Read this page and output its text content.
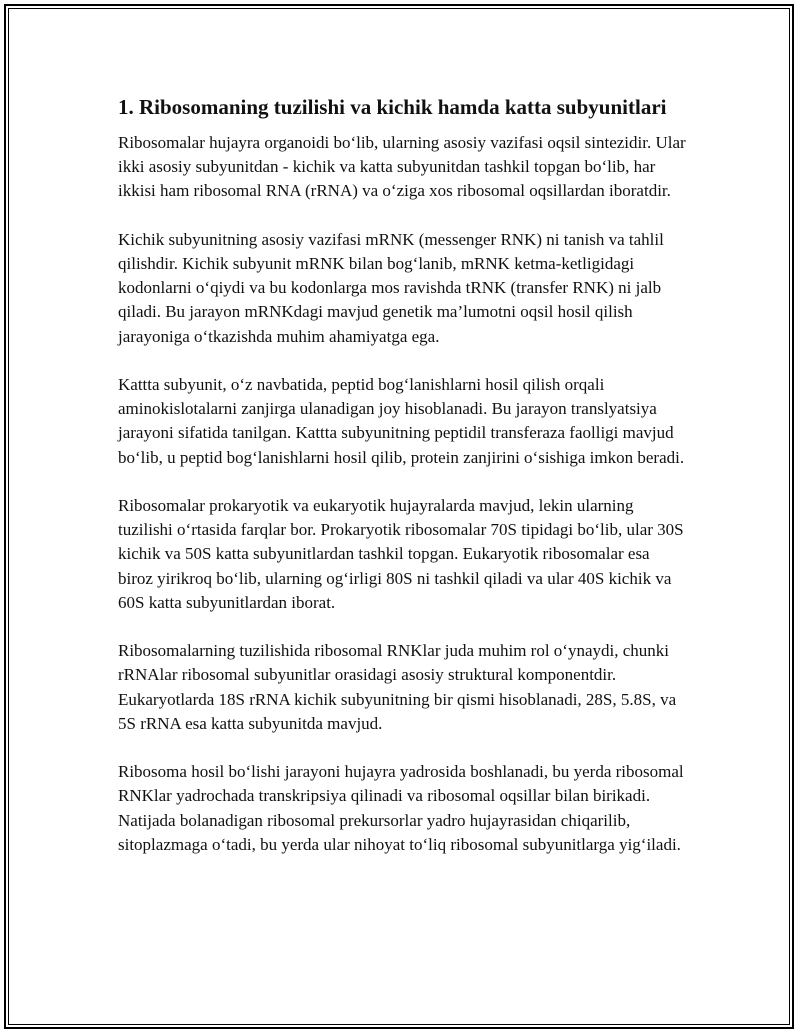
1. Ribosomaning tuzilishi va kichik hamda katta subyunitlari

Ribosomalar hujayra organoidi bo‘lib, ularning asosiy vazifasi oqsil sintezidir. Ular ikki asosiy subyunitdan - kichik va katta subyunitdan tashkil topgan bo‘lib, har ikkisi ham ribosomal RNA (rRNA) va o‘ziga xos ribosomal oqsillardan iboratdir.

Kichik subyunitning asosiy vazifasi mRNK (messenger RNK) ni tanish va tahlil qilishdir. Kichik subyunit mRNK bilan bog‘lanib, mRNK ketma-ketligidagi kodonlarni o‘qiydi va bu kodonlarga mos ravishda tRNK (transfer RNK) ni jalb qiladi. Bu jarayon mRNKdagi mavjud genetik ma’lumotni oqsil hosil qilish jarayoniga o‘tkazishda muhim ahamiyatga ega.

Kattta subyunit, o‘z navbatida, peptid bog‘lanishlarni hosil qilish orqali aminokislotalarni zanjirga ulanadigan joy hisoblanadi. Bu jarayon translyatsiya jarayoni sifatida tanilgan. Kattta subyunitning peptidil transferaza faolligi mavjud bo‘lib, u peptid bog‘lanishlarni hosil qilib, protein zanjirini o‘sishiga imkon beradi.

Ribosomalar prokaryotik va eukaryotik hujayralarda mavjud, lekin ularning tuzilishi o‘rtasida farqlar bor. Prokaryotik ribosomalar 70S tipidagi bo‘lib, ular 30S kichik va 50S katta subyunitlardan tashkil topgan. Eukaryotik ribosomalar esa biroz yirikroq bo‘lib, ularning og‘irligi 80S ni tashkil qiladi va ular 40S kichik va 60S katta subyunitlardan iborat.

Ribosomalarning tuzilishida ribosomal RNKlar juda muhim rol o‘ynaydi, chunki rRNAlar ribosomal subyunitlar orasidagi asosiy struktural komponentdir. Eukaryotlarda 18S rRNA kichik subyunitning bir qismi hisoblanadi, 28S, 5.8S, va 5S rRNA esa katta subyunitda mavjud.

Ribosoma hosil bo‘lishi jarayoni hujayra yadrosida boshlanadi, bu yerda ribosomal RNKlar yadrochada transkripsiya qilinadi va ribosomal oqsillar bilan birikadi. Natijada bolanadigan ribosomal prekursorlar yadro hujayrasidan chiqarilib, sitoplazmaga o‘tadi, bu yerda ular nihoyat to‘liq ribosomal subyunitlarga yig‘iladi.
